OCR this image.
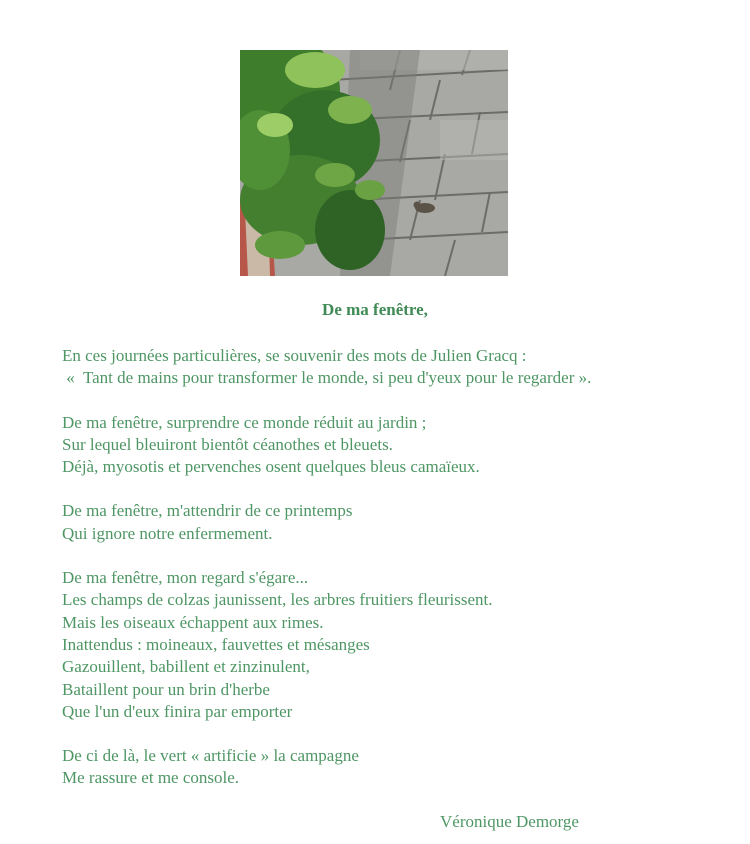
De ma fenêtre,
En ces journées particulières, se souvenir des mots de Julien Gracq :
«  Tant de mains pour transformer le monde, si peu d'yeux pour le regarder ».
De ma fenêtre, surprendre ce monde réduit au jardin ;
Sur lequel bleuiront bientôt céanothes et bleuets.
Déjà, myosotis et pervenches osent quelques bleus camaïeux.
De ma fenêtre, m'attendrir de ce printemps
Qui ignore notre enfermement.
De ma fenêtre, mon regard s'égare...
Les champs de colzas jaunissent, les arbres fruitiers fleurissent.
Mais les oiseaux échappent aux rimes.
Inattendus : moineaux, fauvettes et mésanges
Gazouillent, babillent et zinzinulent,
Bataillent pour un brin d'herbe
Que l'un d'eux finira par emporter
De ci de là, le vert « artificie » la campagne
Me rassure et me console.
Véronique Demorge
